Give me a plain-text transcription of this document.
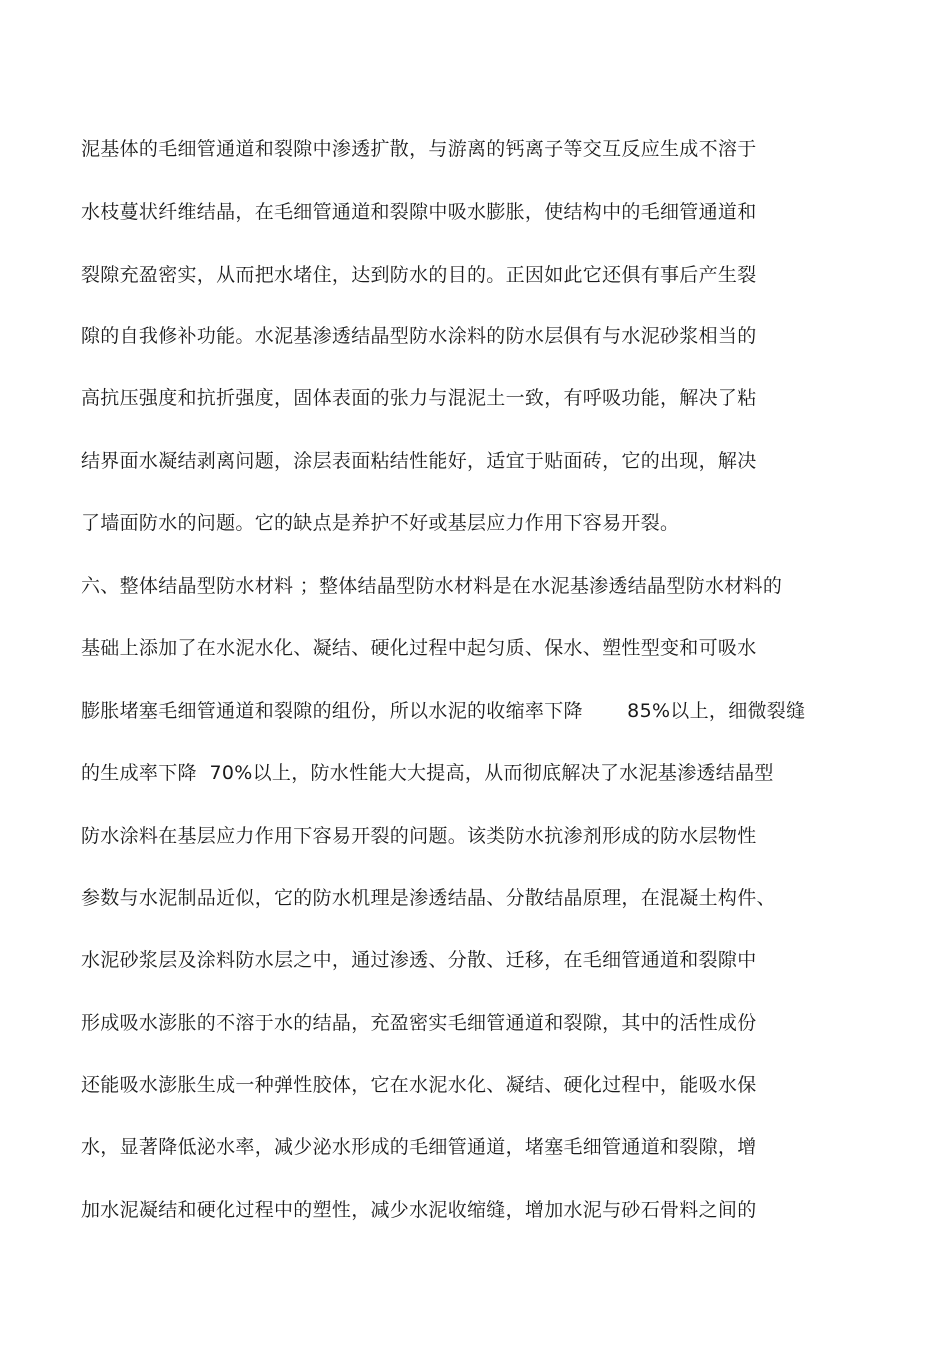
泥基体的毛细管通道和裂隙中渗透扩散，与游离的钙离子等交互反应生成不溶于
水枝蔓状纤维结晶，在毛细管通道和裂隙中吸水膨胀，使结构中的毛细管通道和
裂隙充盈密实，从而把水堵住，达到防水的目的。正因如此它还俱有事后产生裂
隙的自我修补功能。水泥基渗透结晶型防水涂料的防水层俱有与水泥砂浆相当的
高抗压强度和抗折强度，固体表面的张力与混泥土一致，有呼吸功能，解决了粘
结界面水凝结剥离问题，涂层表面粘结性能好，适宜于贴面砖，它的出现，解决
了墙面防水的问题。它的缺点是养护不好或基层应力作用下容易开裂。
六、整体结晶型防水材料 ；整体结晶型防水材料是在水泥基渗透结晶型防水材料的
基础上添加了在水泥水化、凝结、硬化过程中起匀质、保水、塑性型变和可吸水
膨胀堵塞毛细管通道和裂隙的组份，所以水泥的收缩率下降       85%以上，细微裂缝
的生成率下降  70%以上，防水性能大大提高，从而彻底解决了水泥基渗透结晶型
防水涂料在基层应力作用下容易开裂的问题。该类防水抗渗剂形成的防水层物性
参数与水泥制品近似，它的防水机理是渗透结晶、分散结晶原理，在混凝土构件、
水泥砂浆层及涂料防水层之中，通过渗透、分散、迁移，在毛细管通道和裂隙中
形成吸水澎胀的不溶于水的结晶，充盈密实毛细管通道和裂隙，其中的活性成份
还能吸水澎胀生成一种弹性胶体，它在水泥水化、凝结、硬化过程中，能吸水保
水，显著降低泌水率，减少泌水形成的毛细管通道，堵塞毛细管通道和裂隙，增
加水泥凝结和硬化过程中的塑性，减少水泥收缩缝，增加水泥与砂石骨料之间的
